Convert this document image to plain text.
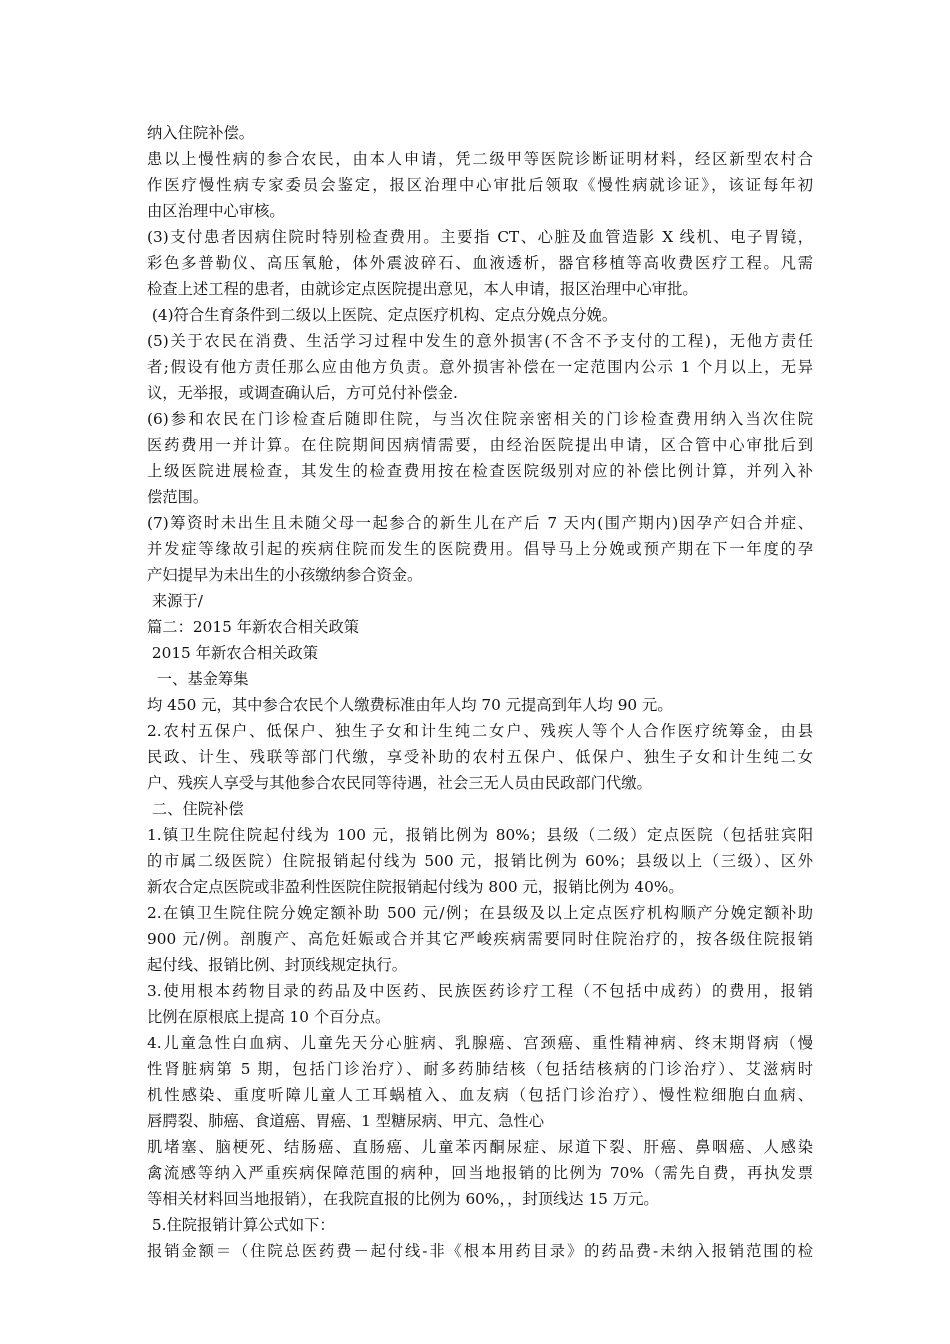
纳入住院补偿。
患以上慢性病的参合农民，由本人申请，凭二级甲等医院诊断证明材料，经区新型农村合
作医疗慢性病专家委员会鉴定，报区治理中心审批后领取《慢性病就诊证》，该证每年初
由区治理中心审核。
(3)支付患者因病住院时特别检查费用。主要指 CT、心脏及血管造影 X 线机、电子胃镜，
彩色多普勒仪、高压氧舱，体外震波碎石、血液透析，器官移植等高收费医疗工程。凡需
检查上述工程的患者，由就诊定点医院提出意见，本人申请，报区治理中心审批。
(4)符合生育条件到二级以上医院、定点医疗机构、定点分娩点分娩。
(5)关于农民在消费、生活学习过程中发生的意外损害(不含不予支付的工程)，无他方责任
者;假设有他方责任那么应由他方负责。意外损害补偿在一定范围内公示 1 个月以上，无异
议，无举报，或调查确认后，方可兑付补偿金.
(6)参和农民在门诊检查后随即住院，与当次住院亲密相关的门诊检查费用纳入当次住院
医药费用一并计算。在住院期间因病情需要，由经治医院提出申请，区合管中心审批后到
上级医院进展检查，其发生的检查费用按在检查医院级别对应的补偿比例计算，并列入补
偿范围。
(7)筹资时未出生且未随父母一起参合的新生儿在产后 7 天内(围产期内)因孕产妇合并症、
并发症等缘故引起的疾病住院而发生的医院费用。倡导马上分娩或预产期在下一年度的孕
产妇提早为未出生的小孩缴纳参合资金。
来源于/
篇二：2015 年新农合相关政策
2015 年新农合相关政策
一、基金筹集
均 450 元，其中参合农民个人缴费标准由年人均 70 元提高到年人均 90 元。
2.农村五保户、低保户、独生子女和计生纯二女户、残疾人等个人合作医疗统筹金，由县
民政、计生、残联等部门代缴，享受补助的农村五保户、低保户、独生子女和计生纯二女
户、残疾人享受与其他参合农民同等待遇，社会三无人员由民政部门代缴。
二、住院补偿
1.镇卫生院住院起付线为 100 元，报销比例为 80%；县级（二级）定点医院（包括驻宾阳
的市属二级医院）住院报销起付线为 500 元，报销比例为 60%；县级以上（三级）、区外
新农合定点医院或非盈利性医院住院报销起付线为 800 元，报销比例为 40%。
2.在镇卫生院住院分娩定额补助 500 元/例；在县级及以上定点医疗机构顺产分娩定额补助
900 元/例。剖腹产、高危妊娠或合并其它严峻疾病需要同时住院治疗的，按各级住院报销
起付线、报销比例、封顶线规定执行。
3.使用根本药物目录的药品及中医药、民族医药诊疗工程（不包括中成药）的费用，报销
比例在原根底上提高 10 个百分点。
4.儿童急性白血病、儿童先天分心脏病、乳腺癌、宫颈癌、重性精神病、终末期肾病（慢
性肾脏病第 5 期，包括门诊治疗）、耐多药肺结核（包括结核病的门诊治疗）、艾滋病时
机性感染、重度听障儿童人工耳蜗植入、血友病（包括门诊治疗）、慢性粒细胞白血病、
唇腭裂、肺癌、食道癌、胃癌、1 型糖尿病、甲亢、急性心
肌堵塞、脑梗死、结肠癌、直肠癌、儿童苯丙酮尿症、尿道下裂、肝癌、鼻咽癌、人感染
禽流感等纳入严重疾病保障范围的病种，回当地报销的比例为 70%（需先自费，再执发票
等相关材料回当地报销），在我院直报的比例为 60%，，封顶线达 15 万元。
5.住院报销计算公式如下：
报销金额＝（住院总医药费－起付线-非《根本用药目录》的药品费-未纳入报销范围的检
